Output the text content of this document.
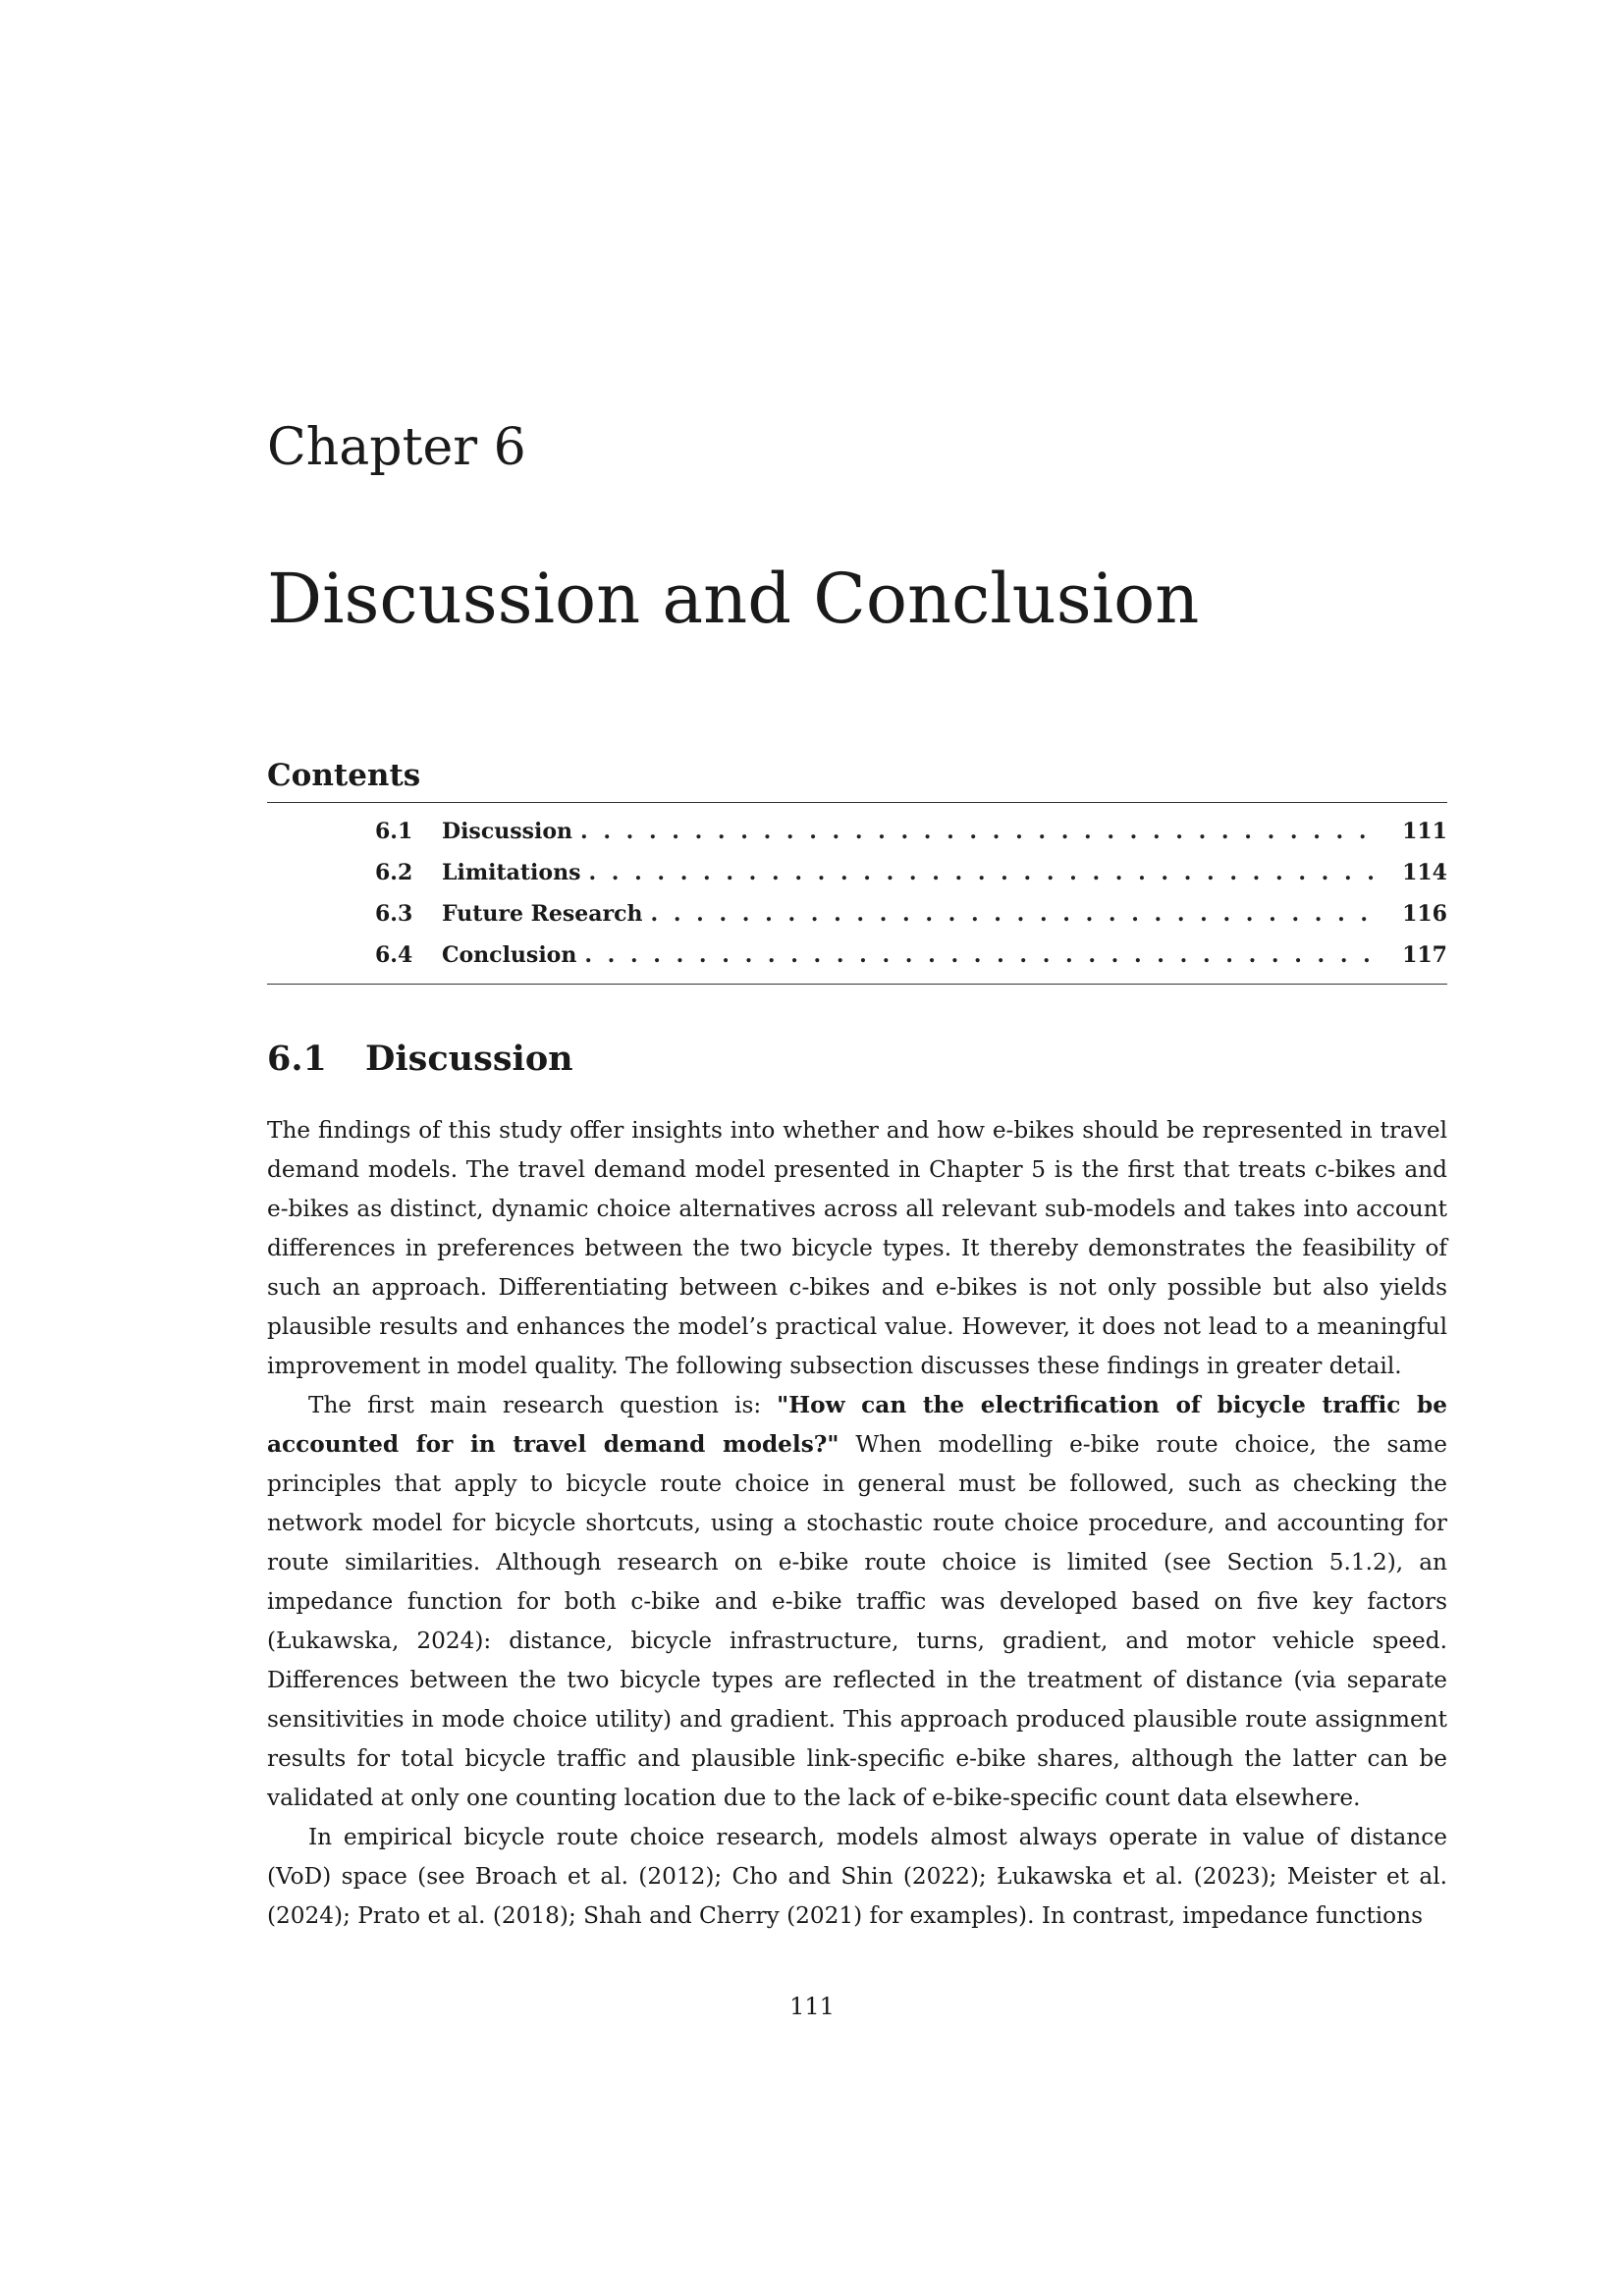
Chapter 6
Discussion and Conclusion
Contents
6.1	Discussion . . .	111
6.2	Limitations . . .	114
6.3	Future Research . . .	116
6.4	Conclusion . . .	117
6.1 Discussion

The findings of this study offer insights into whether and how e-bikes should be represented in travel demand models. The travel demand model presented in Chapter 5 is the first that treats c-bikes and e-bikes as distinct, dynamic choice alternatives across all relevant sub-models and takes into account differences in preferences between the two bicycle types. It thereby demonstrates the feasibility of such an approach. Differentiating between c-bikes and e-bikes is not only possible but also yields plausible results and enhances the model’s practical value. However, it does not lead to a meaningful improvement in model quality. The following subsection discusses these findings in greater detail.

The first main research question is: "How can the electrification of bicycle traffic be accounted for in travel demand models?" When modelling e-bike route choice, the same principles that apply to bicycle route choice in general must be followed, such as checking the network model for bicycle shortcuts, using a stochastic route choice procedure, and accounting for route similarities. Although research on e-bike route choice is limited (see Section 5.1.2), an impedance function for both c-bike and e-bike traffic was developed based on five key factors (Łukawska, 2024): distance, bicycle infrastructure, turns, gradient, and motor vehicle speed. Differences between the two bicycle types are reflected in the treatment of distance (via separate sensitivities in mode choice utility) and gradient. This approach produced plausible route assignment results for total bicycle traffic and plausible link-specific e-bike shares, although the latter can be validated at only one counting location due to the lack of e-bike-specific count data elsewhere.

In empirical bicycle route choice research, models almost always operate in value of distance (VoD) space (see Broach et al. (2012); Cho and Shin (2022); Łukawska et al. (2023); Meister et al. (2024); Prato et al. (2018); Shah and Cherry (2021) for examples). In contrast, impedance functions

111
